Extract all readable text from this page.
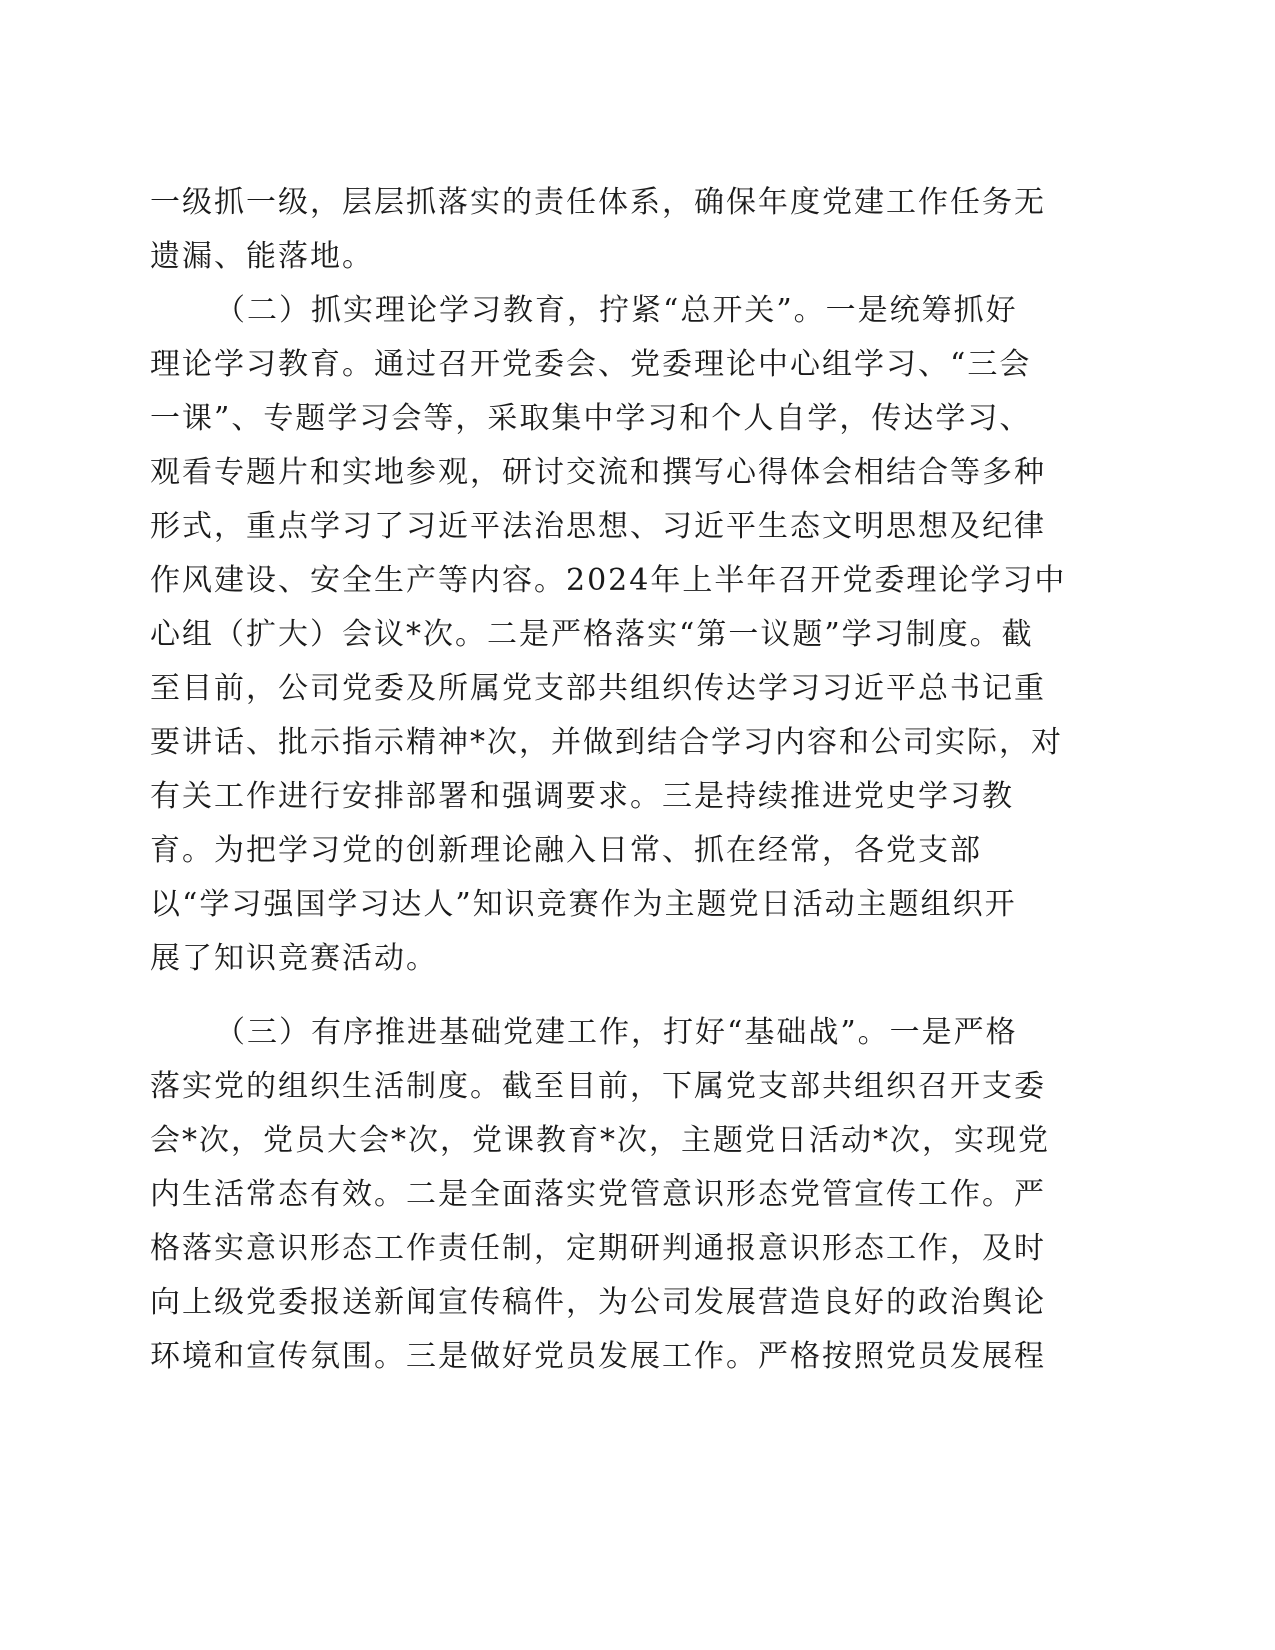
一级抓一级，层层抓落实的责任体系，确保年度党建工作任务无
遗漏、能落地。
（二）抓实理论学习教育，拧紧“总开关”。一是统筹抓好
理论学习教育。通过召开党委会、党委理论中心组学习、“三会
一课”、专题学习会等，采取集中学习和个人自学，传达学习、
观看专题片和实地参观，研讨交流和撰写心得体会相结合等多种
形式，重点学习了习近平法治思想、习近平生态文明思想及纪律
作风建设、安全生产等内容。2024年上半年召开党委理论学习中
心组（扩大）会议*次。二是严格落实“第一议题”学习制度。截
至目前，公司党委及所属党支部共组织传达学习习近平总书记重
要讲话、批示指示精神*次，并做到结合学习内容和公司实际，对
有关工作进行安排部署和强调要求。三是持续推进党史学习教
育。为把学习党的创新理论融入日常、抓在经常，各党支部
以“学习强国学习达人”知识竞赛作为主题党日活动主题组织开
展了知识竞赛活动。
（三）有序推进基础党建工作，打好“基础战”。一是严格
落实党的组织生活制度。截至目前，下属党支部共组织召开支委
会*次，党员大会*次，党课教育*次，主题党日活动*次，实现党
内生活常态有效。二是全面落实党管意识形态党管宣传工作。严
格落实意识形态工作责任制，定期研判通报意识形态工作，及时
向上级党委报送新闻宣传稿件，为公司发展营造良好的政治舆论
环境和宣传氛围。三是做好党员发展工作。严格按照党员发展程
